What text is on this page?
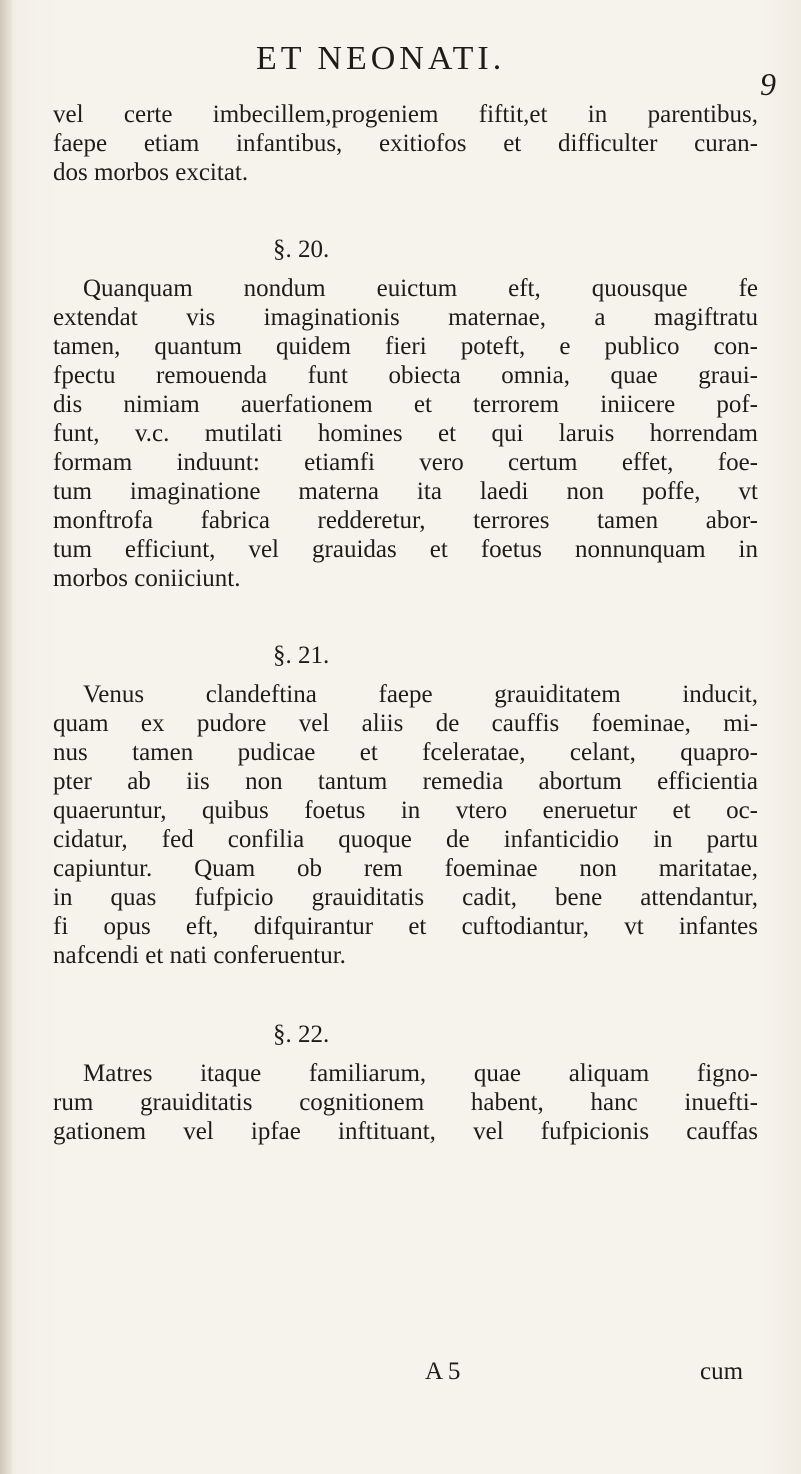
ET NEONATI.
9
vel certe imbecillem,progeniem fiftit,et in parentibus,
faepe etiam infantibus, exitiofos et difficulter curan-
dos morbos excitat.
§. 20.
Quanquam nondum euictum eft, quousque fe
extendat vis imaginationis maternae, a magiftratu
tamen, quantum quidem fieri poteft, e publico con-
fpectu remouenda funt obiecta omnia, quae graui-
dis nimiam auerfationem et terrorem iniicere pof-
funt, v.c. mutilati homines et qui laruis horrendam
formam induunt: etiamfi vero certum effet, foe-
tum imaginatione materna ita laedi non poffe, vt
monftrofa fabrica redderetur, terrores tamen abor-
tum efficiunt, vel grauidas et foetus nonnunquam in
morbos coniiciunt.
§. 21.
Venus clandeftina faepe grauiditatem inducit,
quam ex pudore vel aliis de cauffis foeminae, mi-
nus tamen pudicae et fceleratae, celant, quapro-
pter ab iis non tantum remedia abortum efficientia
quaeruntur, quibus foetus in vtero eneruetur et oc-
cidatur, fed confilia quoque de infanticidio in partu
capiuntur. Quam ob rem foeminae non maritatae,
in quas fufpicio grauiditatis cadit, bene attendantur,
fi opus eft, difquirantur et cuftodiantur, vt infantes
nafcendi et nati conferuentur.
§. 22.
Matres itaque familiarum, quae aliquam figno-
rum grauiditatis cognitionem habent, hanc inuefti-
gationem vel ipfae inftituant, vel fufpicionis cauffas
A 5	cum
